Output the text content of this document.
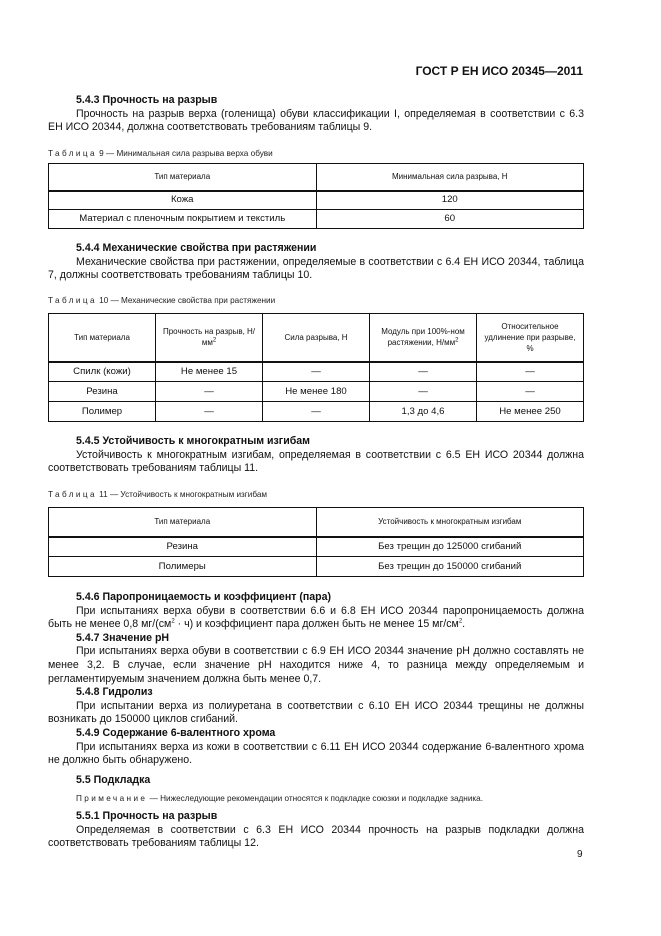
ГОСТ Р ЕН ИСО 20345—2011
5.4.3 Прочность на разрыв
Прочность на разрыв верха (голенища) обуви классификации I, определяемая в соответствии с 6.3 ЕН ИСО 20344, должна соответствовать требованиям таблицы 9.
Таблица 9 — Минимальная сила разрыва верха обуви
Тип материала	Минимальная сила разрыва, Н
Кожа	120
Материал с пленочным покрытием и текстиль	60
5.4.4 Механические свойства при растяжении
Механические свойства при растяжении, определяемые в соответствии с 6.4 ЕН ИСО 20344, таблица 7, должны соответствовать требованиям таблицы 10.
Таблица 10 — Механические свойства при растяжении
Тип материала	Прочность на разрыв, $Н/мм^2$	Сила разрыва, Н	Модуль при 100%-ном растяжении, $Н/мм^2$	Относительное удлинение при разрыве, %
Спилк (кожи)	Не менее 15	—	—	—
Резина	—	Не менее 180	—	—
Полимер	—	—	1,3 до 4,6	Не менее 250
5.4.5 Устойчивость к многократным изгибам
Устойчивость к многократным изгибам, определяемая в соответствии с 6.5 ЕН ИСО 20344 должна соответствовать требованиям таблицы 11.
Таблица 11 — Устойчивость к многократным изгибам
Тип материала	Устойчивость к многократным изгибам
Резина	Без трещин до 125000 сгибаний
Полимеры	Без трещин до 150000 сгибаний
5.4.6 Паропроницаемость и коэффициент (пара)
При испытаниях верха обуви в соответствии 6.6 и 6.8 ЕН ИСО 20344 паропроницаемость должна быть не менее 0,8 $мг/(см^2 \cdot ч)$ и коэффициент пара должен быть не менее 15 $мг/см^2$.
5.4.7 Значение pH
При испытаниях верха обуви в соответствии с 6.9 ЕН ИСО 20344 значение pH должно составлять не менее 3,2. В случае, если значение pH находится ниже 4, то разница между определяемым и регламентируемым значением должна быть менее 0,7.
5.4.8 Гидролиз
При испытании верха из полиуретана в соответствии с 6.10 ЕН ИСО 20344 трещины не должны возникать до 150000 циклов сгибаний.
5.4.9 Содержание 6-валентного хрома
При испытаниях верха из кожи в соответствии с 6.11 ЕН ИСО 20344 содержание 6-валентного хрома не должно быть обнаружено.
5.5 Подкладка
Примечание — Нижеследующие рекомендации относятся к подкладке союзки и подкладке задника.
5.5.1 Прочность на разрыв
Определяемая в соответствии с 6.3 ЕН ИСО 20344 прочность на разрыв подкладки должна соответствовать требованиям таблицы 12.
9
